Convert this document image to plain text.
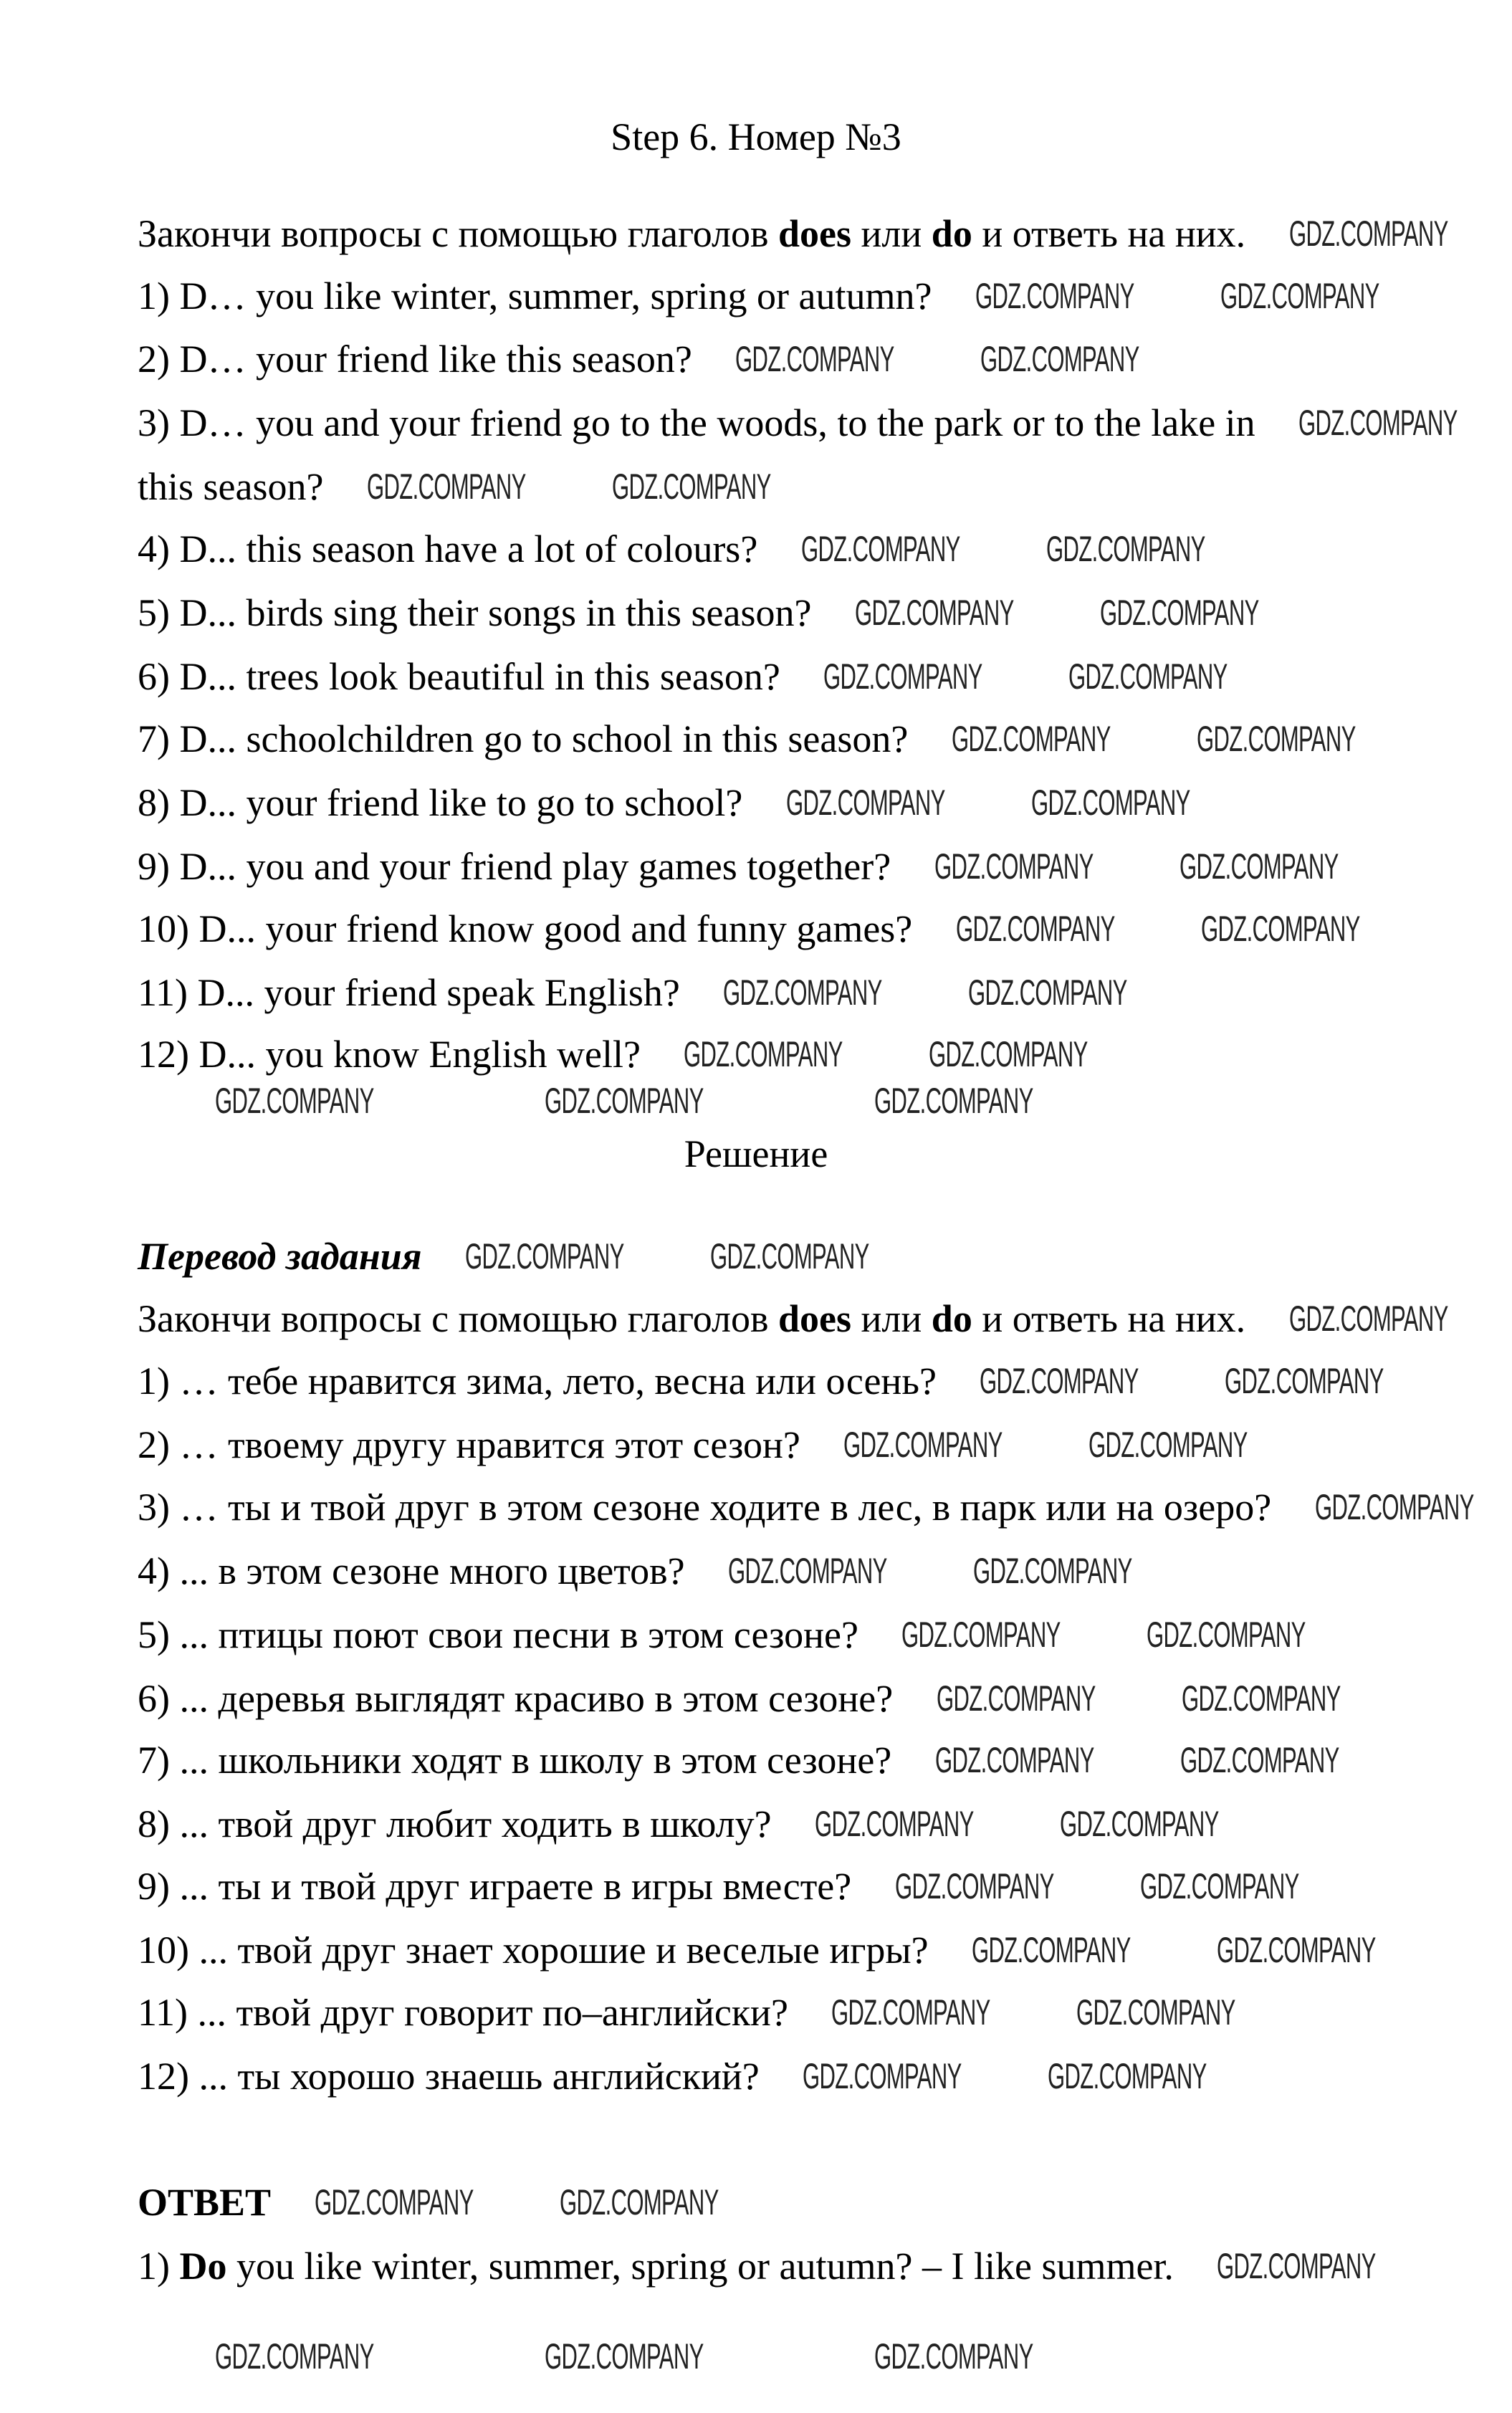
Step 6. Номер №3
Закончи вопросы с помощью глаголов does или do и ответь на них.
1) D… you like winter, summer, spring or autumn?
2) D… your friend like this season?
3) D… you and your friend go to the woods, to the park or to the lake in
this season?
4) D... this season have a lot of colours?
5) D... birds sing their songs in this season?
6) D... trees look beautiful in this season?
7) D... schoolchildren go to school in this season?
8) D... your friend like to go to school?
9) D... you and your friend play games together?
10) D... your friend know good and funny games?
11) D... your friend speak English?
12) D... you know English well?
Решение
Перевод задания
Закончи вопросы с помощью глаголов does или do и ответь на них.
1) … тебе нравится зима, лето, весна или осень?
2) … твоему другу нравится этот сезон?
3) … ты и твой друг в этом сезоне ходите в лес, в парк или на озеро?
4) ... в этом сезоне много цветов?
5) ... птицы поют свои песни в этом сезоне?
6) ... деревья выглядят красиво в этом сезоне?
7) ... школьники ходят в школу в этом сезоне?
8) ... твой друг любит ходить в школу?
9) ... ты и твой друг играете в игры вместе?
10) ... твой друг знает хорошие и веселые игры?
11) ... твой друг говорит по–английски?
12) ... ты хорошо знаешь английский?
ОТВЕТ
1) Do you like winter, summer, spring or autumn? – I like summer.
GDZ.COMPANY
GDZ.COMPANY GDZ.COMPANY
GDZ.COMPANY GDZ.COMPANY
GDZ.COMPANY
GDZ.COMPANY GDZ.COMPANY
GDZ.COMPANY GDZ.COMPANY
GDZ.COMPANY GDZ.COMPANY
GDZ.COMPANY GDZ.COMPANY
GDZ.COMPANY GDZ.COMPANY
GDZ.COMPANY GDZ.COMPANY
GDZ.COMPANY GDZ.COMPANY
GDZ.COMPANY GDZ.COMPANY
GDZ.COMPANY GDZ.COMPANY
GDZ.COMPANY GDZ.COMPANY
GDZ.COMPANY GDZ.COMPANY
GDZ.COMPANY
GDZ.COMPANY GDZ.COMPANY
GDZ.COMPANY GDZ.COMPANY
GDZ.COMPANY
GDZ.COMPANY GDZ.COMPANY
GDZ.COMPANY GDZ.COMPANY
GDZ.COMPANY GDZ.COMPANY
GDZ.COMPANY GDZ.COMPANY
GDZ.COMPANY GDZ.COMPANY
GDZ.COMPANY GDZ.COMPANY
GDZ.COMPANY GDZ.COMPANY
GDZ.COMPANY GDZ.COMPANY
GDZ.COMPANY GDZ.COMPANY
GDZ.COMPANY GDZ.COMPANY
GDZ.COMPANY
GDZ.COMPANY	GDZ.COMPANY	GDZ.COMPANY
GDZ.COMPANY	GDZ.COMPANY	GDZ.COMPANY
